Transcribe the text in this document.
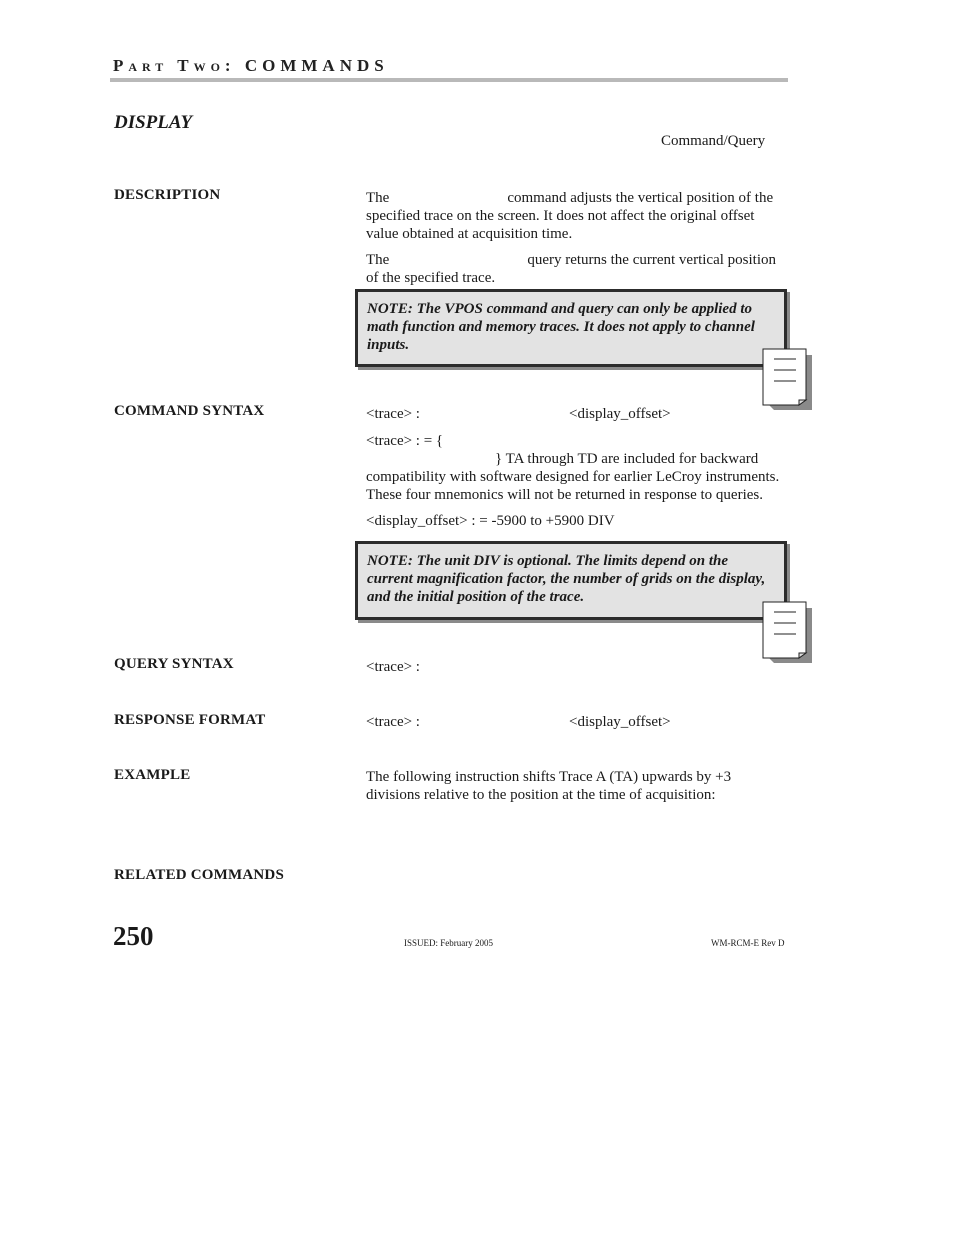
Part Two: COMMANDS
DISPLAY
Command/Query
DESCRIPTION	The	command adjusts the vertical position of the specified trace on the screen. It does not affect the original offset value obtained at acquisition time.
The	query returns the current vertical position of the specified trace.
NOTE: The VPOS command and query can only be applied to math function and memory traces. It does not apply to channel inputs.
COMMAND SYNTAX	<trace> :	<display_offset>
<trace> : = {
} TA through TD are included for backward
compatibility with software designed for earlier LeCroy instruments. These four mnemonics will not be returned in response to queries.
<display_offset> : = -5900 to +5900 DIV
NOTE: The unit DIV is optional. The limits depend on the current magnification factor, the number of grids on the display, and the initial position of the trace.
QUERY SYNTAX	<trace> :
RESPONSE FORMAT	<trace> :	<display_offset>
EXAMPLE	The following instruction shifts Trace A (TA) upwards by +3 divisions relative to the position at the time of acquisition:
RELATED COMMANDS
250	ISSUED: February 2005	WM-RCM-E Rev D
